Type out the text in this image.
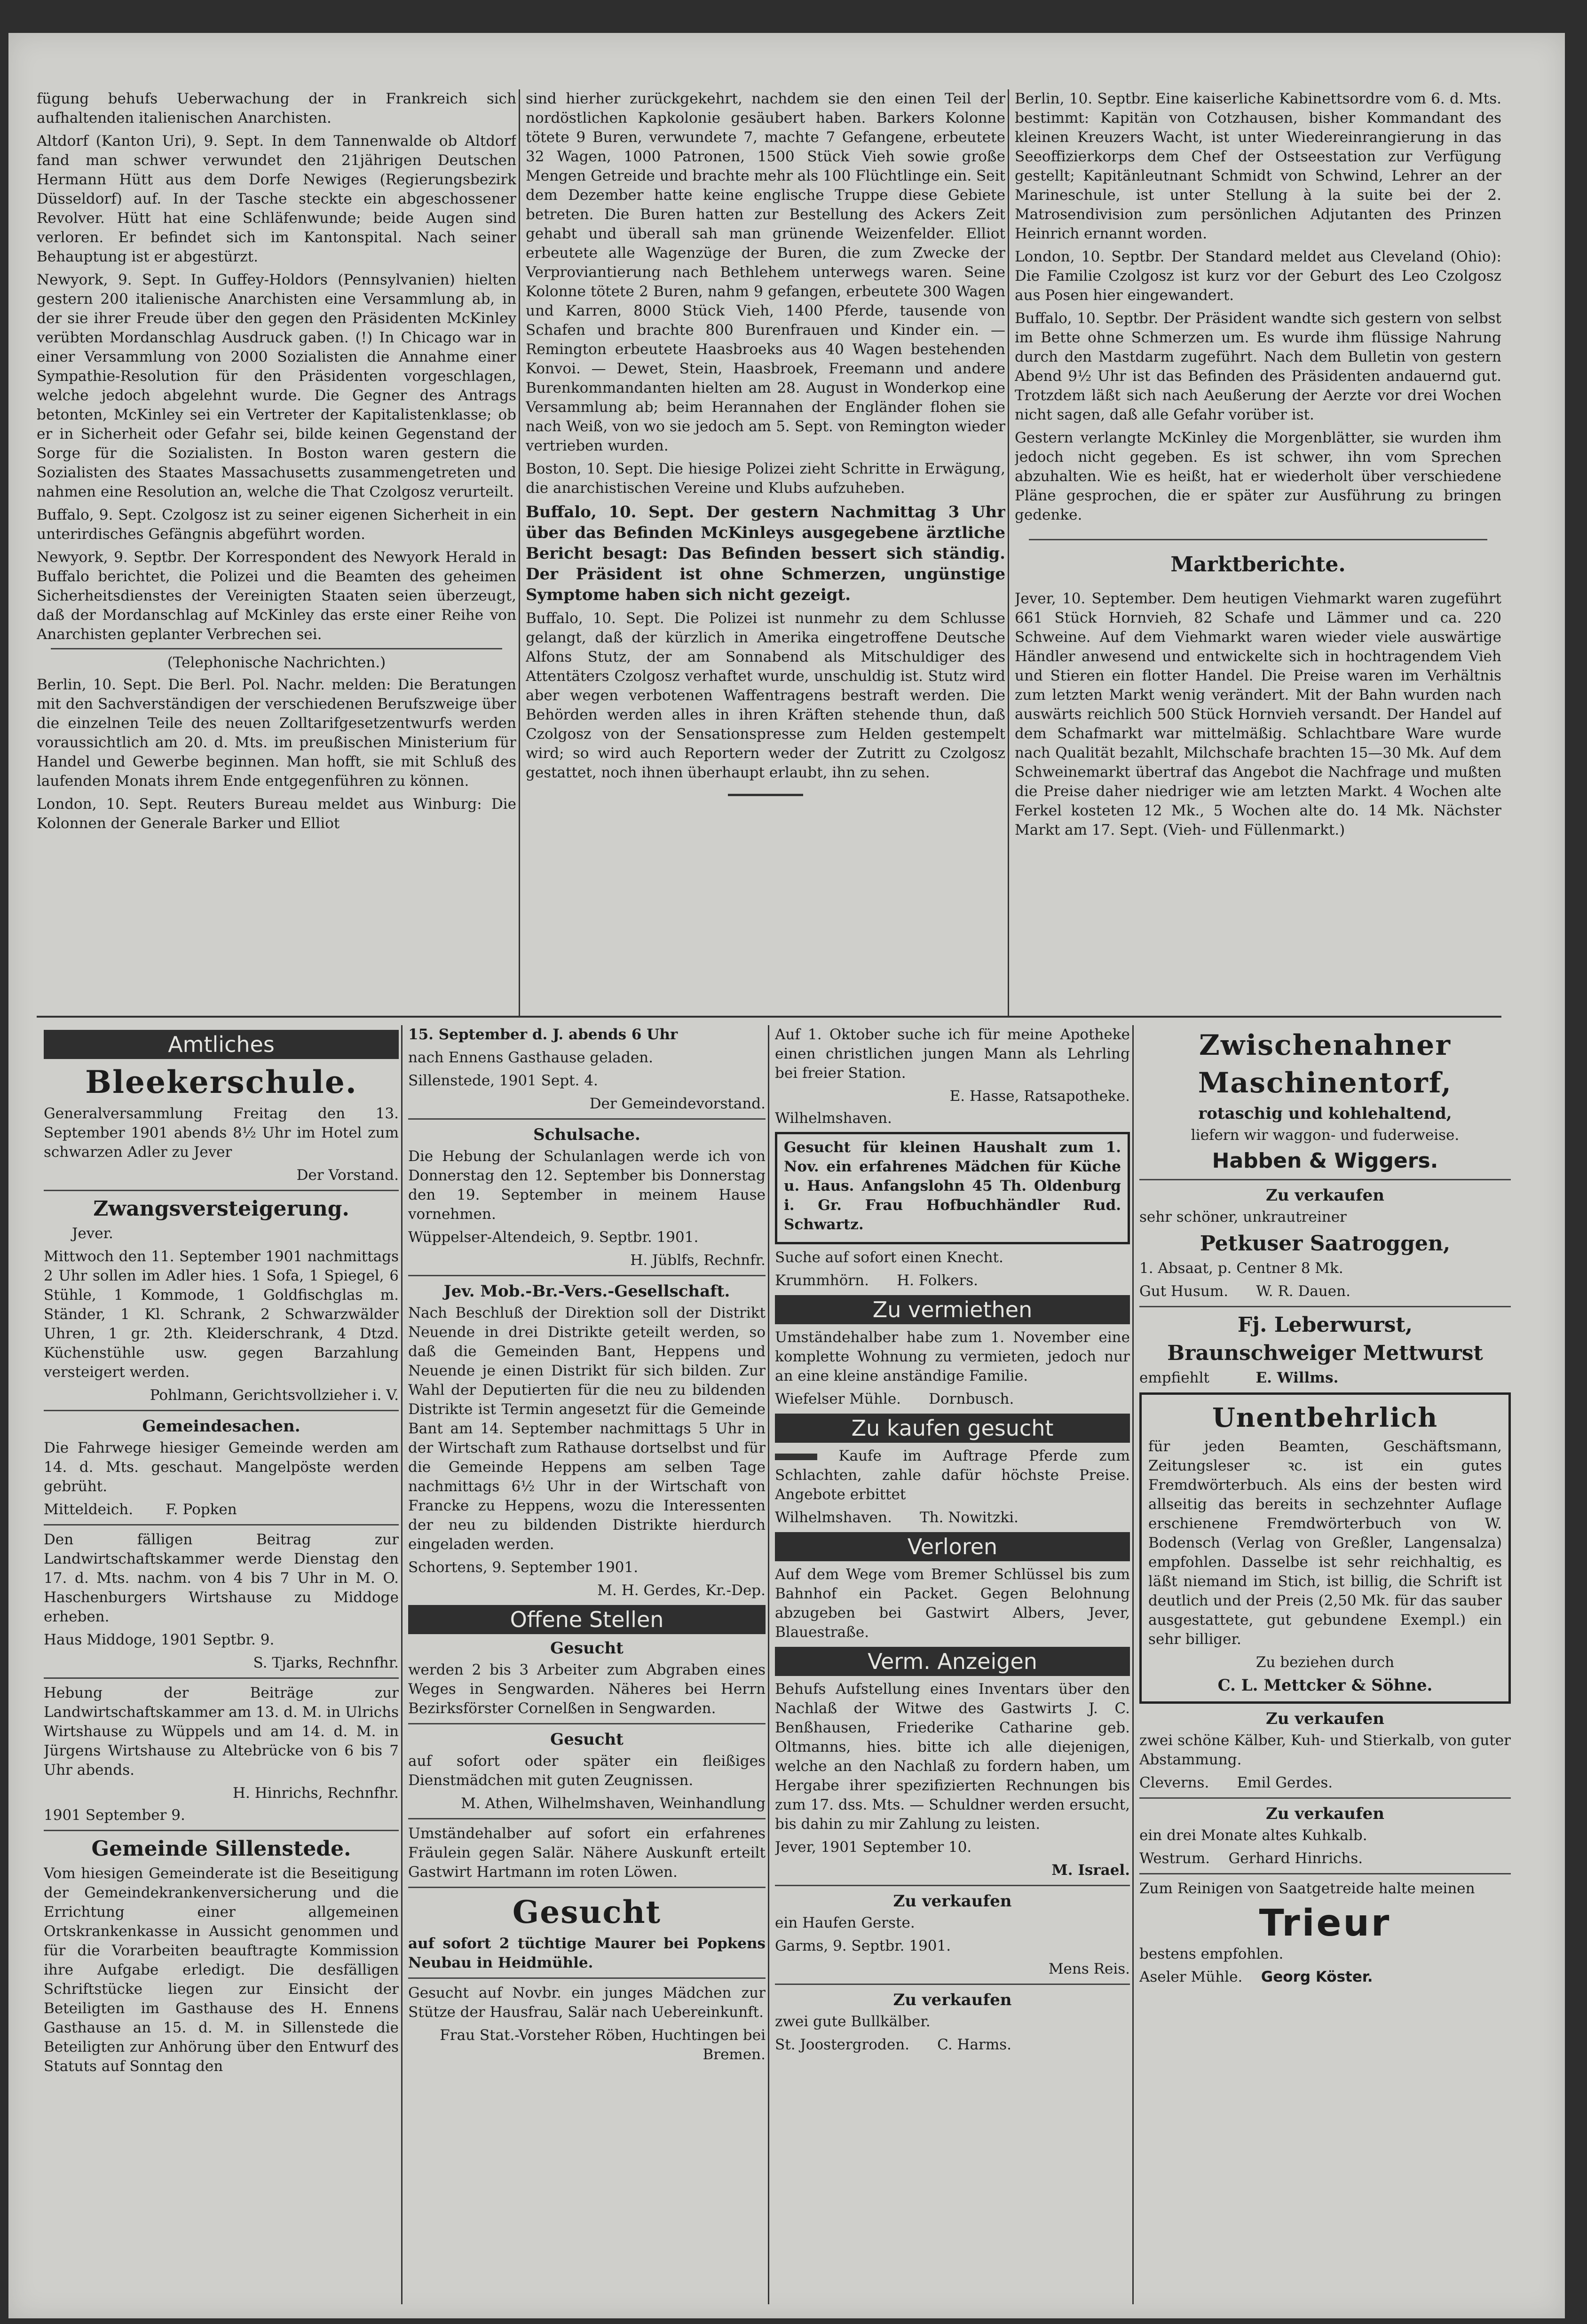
fügung behufs Ueberwachung der in Frankreich sich aufhaltenden italienischen Anarchisten.

Altdorf (Kanton Uri), 9. Sept. In dem Tannenwalde ob Altdorf fand man schwer verwundet den 21jährigen Deutschen Hermann Hütt aus dem Dorfe Newiges (Regierungsbezirk Düsseldorf) auf. In der Tasche steckte ein abgeschossener Revolver. Hütt hat eine Schläfenwunde; beide Augen sind verloren. Er befindet sich im Kantonspital. Nach seiner Behauptung ist er abgestürzt.

Newyork, 9. Sept. In Guffey-Holdors (Pennsylvanien) hielten gestern 200 italienische Anarchisten eine Versammlung ab, in der sie ihrer Freude über den gegen den Präsidenten McKinley verübten Mordanschlag Ausdruck gaben. (!) In Chicago war in einer Versammlung von 2000 Sozialisten die Annahme einer Sympathie-Resolution für den Präsidenten vorgeschlagen, welche jedoch abgelehnt wurde. Die Gegner des Antrags betonten, McKinley sei ein Vertreter der Kapitalistenklasse; ob er in Sicherheit oder Gefahr sei, bilde keinen Gegenstand der Sorge für die Sozialisten. In Boston waren gestern die Sozialisten des Staates Massachusetts zusammengetreten und nahmen eine Resolution an, welche die That Czolgosz verurteilt.

Buffalo, 9. Sept. Czolgosz ist zu seiner eigenen Sicherheit in ein unterirdisches Gefängnis abgeführt worden.

Newyork, 9. Septbr. Der Korrespondent des Newyork Herald in Buffalo berichtet, die Polizei und die Beamten des geheimen Sicherheitsdienstes der Vereinigten Staaten seien überzeugt, daß der Mordanschlag auf McKinley das erste einer Reihe von Anarchisten geplanter Verbrechen sei.

(Telephonische Nachrichten.)

Berlin, 10. Sept. Die Berl. Pol. Nachr. melden: Die Beratungen mit den Sachverständigen der verschiedenen Berufszweige über die einzelnen Teile des neuen Zolltarifgesetzentwurfs werden voraussichtlich am 20. d. Mts. im preußischen Ministerium für Handel und Gewerbe beginnen. Man hofft, sie mit Schluß des laufenden Monats ihrem Ende entgegenführen zu können.

London, 10. Sept. Reuters Bureau meldet aus Winburg: Die Kolonnen der Generale Barker und Elliot

sind hierher zurückgekehrt, nachdem sie den einen Teil der nordöstlichen Kapkolonie gesäubert haben. Barkers Kolonne tötete 9 Buren, verwundete 7, machte 7 Gefangene, erbeutete 32 Wagen, 1000 Patronen, 1500 Stück Vieh sowie große Mengen Getreide und brachte mehr als 100 Flüchtlinge ein. Seit dem Dezember hatte keine englische Truppe diese Gebiete betreten. Die Buren hatten zur Bestellung des Ackers Zeit gehabt und überall sah man grünende Weizenfelder. Elliot erbeutete alle Wagenzüge der Buren, die zum Zwecke der Verproviantierung nach Bethlehem unterwegs waren. Seine Kolonne tötete 2 Buren, nahm 9 gefangen, erbeutete 300 Wagen und Karren, 8000 Stück Vieh, 1400 Pferde, tausende von Schafen und brachte 800 Burenfrauen und Kinder ein. — Remington erbeutete Haasbroeks aus 40 Wagen bestehenden Konvoi. — Dewet, Stein, Haasbroek, Freemann und andere Burenkommandanten hielten am 28. August in Wonderkop eine Versammlung ab; beim Herannahen der Engländer flohen sie nach Weiß, von wo sie jedoch am 5. Sept. von Remington wieder vertrieben wurden.

Boston, 10. Sept. Die hiesige Polizei zieht Schritte in Erwägung, die anarchistischen Vereine und Klubs aufzuheben.

Buffalo, 10. Sept. Der gestern Nachmittag 3 Uhr über das Befinden McKinleys ausgegebene ärztliche Bericht besagt: Das Befinden bessert sich ständig. Der Präsident ist ohne Schmerzen, ungünstige Symptome haben sich nicht gezeigt.

Buffalo, 10. Sept. Die Polizei ist nunmehr zu dem Schlusse gelangt, daß der kürzlich in Amerika eingetroffene Deutsche Alfons Stutz, der am Sonnabend als Mitschuldiger des Attentäters Czolgosz verhaftet wurde, unschuldig ist. Stutz wird aber wegen verbotenen Waffentragens bestraft werden. Die Behörden werden alles in ihren Kräften stehende thun, daß Czolgosz von der Sensationspresse zum Helden gestempelt wird; so wird auch Reportern weder der Zutritt zu Czolgosz gestattet, noch ihnen überhaupt erlaubt, ihn zu sehen.

Berlin, 10. Septbr. Eine kaiserliche Kabinettsordre vom 6. d. Mts. bestimmt: Kapitän von Cotzhausen, bisher Kommandant des kleinen Kreuzers Wacht, ist unter Wiedereinrangierung in das Seeoffizierkorps dem Chef der Ostseestation zur Verfügung gestellt; Kapitänleutnant Schmidt von Schwind, Lehrer an der Marineschule, ist unter Stellung à la suite bei der 2. Matrosendivision zum persönlichen Adjutanten des Prinzen Heinrich ernannt worden.

London, 10. Septbr. Der Standard meldet aus Cleveland (Ohio): Die Familie Czolgosz ist kurz vor der Geburt des Leo Czolgosz aus Posen hier eingewandert.

Buffalo, 10. Septbr. Der Präsident wandte sich gestern von selbst im Bette ohne Schmerzen um. Es wurde ihm flüssige Nahrung durch den Mastdarm zugeführt. Nach dem Bulletin von gestern Abend 9½ Uhr ist das Befinden des Präsidenten andauernd gut. Trotzdem läßt sich nach Aeußerung der Aerzte vor drei Wochen nicht sagen, daß alle Gefahr vorüber ist.

Gestern verlangte McKinley die Morgenblätter, sie wurden ihm jedoch nicht gegeben. Es ist schwer, ihn vom Sprechen abzuhalten. Wie es heißt, hat er wiederholt über verschiedene Pläne gesprochen, die er später zur Ausführung zu bringen gedenke.

Marktberichte.

Jever, 10. September. Dem heutigen Viehmarkt waren zugeführt 661 Stück Hornvieh, 82 Schafe und Lämmer und ca. 220 Schweine. Auf dem Viehmarkt waren wieder viele auswärtige Händler anwesend und entwickelte sich in hochtragendem Vieh und Stieren ein flotter Handel. Die Preise waren im Verhältnis zum letzten Markt wenig verändert. Mit der Bahn wurden nach auswärts reichlich 500 Stück Hornvieh versandt. Der Handel auf dem Schafmarkt war mittelmäßig. Schlachtbare Ware wurde nach Qualität bezahlt, Milchschafe brachten 15—30 Mk. Auf dem Schweinemarkt übertraf das Angebot die Nachfrage und mußten die Preise daher niedriger wie am letzten Markt. 4 Wochen alte Ferkel kosteten 12 Mk., 5 Wochen alte do. 14 Mk. Nächster Markt am 17. Sept. (Vieh- und Füllenmarkt.)

Amtliches
Bleekerschule.

Generalversammlung Freitag den 13. September 1901 abends 8½ Uhr im Hotel zum schwarzen Adler zu Jever

Der Vorstand.

Zwangsversteigerung.

Jever.

Mittwoch den 11. September 1901 nachmittags 2 Uhr sollen im Adler hies. 1 Sofa, 1 Spiegel, 6 Stühle, 1 Kommode, 1 Goldfischglas m. Ständer, 1 Kl. Schrank, 2 Schwarzwälder Uhren, 1 gr. 2th. Kleiderschrank, 4 Dtzd. Küchenstühle usw. gegen Barzahlung versteigert werden.

Pohlmann, Gerichtsvollzieher i. V.

Gemeindesachen.

Die Fahrwege hiesiger Gemeinde werden am 14. d. Mts. geschaut. Mangelpöste werden gebrüht.

Mitteldeich. F. Popken

Den fälligen Beitrag zur Landwirtschaftskammer werde Dienstag den 17. d. Mts. nachm. von 4 bis 7 Uhr in M. O. Haschenburgers Wirtshause zu Middoge erheben.

Haus Middoge, 1901 Septbr. 9.

S. Tjarks, Rechnfhr.

Hebung der Beiträge zur Landwirtschaftskammer am 13. d. M. in Ulrichs Wirtshause zu Wüppels und am 14. d. M. in Jürgens Wirtshause zu Altebrücke von 6 bis 7 Uhr abends.

H. Hinrichs, Rechnfhr.

1901 September 9.

Gemeinde Sillenstede.

Vom hiesigen Gemeinderate ist die Beseitigung der Gemeindekrankenversicherung und die Errichtung einer allgemeinen Ortskrankenkasse in Aussicht genommen und für die Vorarbeiten beauftragte Kommission ihre Aufgabe erledigt. Die desfälligen Schriftstücke liegen zur Einsicht der Beteiligten im Gasthause des H. Ennens Gasthause an 15. d. M. in Sillenstede die Beteiligten zur Anhörung über den Entwurf des Statuts auf Sonntag den

15. September d. J. abends 6 Uhr

nach Ennens Gasthause geladen.

Sillenstede, 1901 Sept. 4.

Der Gemeindevorstand.

Schulsache.

Die Hebung der Schulanlagen werde ich von Donnerstag den 12. September bis Donnerstag den 19. September in meinem Hause vornehmen.

Wüppelser-Altendeich, 9. Septbr. 1901.

H. Jüblfs, Rechnfr.

Jev. Mob.-Br.-Vers.-Gesellschaft.

Nach Beschluß der Direktion soll der Distrikt Neuende in drei Distrikte geteilt werden, so daß die Gemeinden Bant, Heppens und Neuende je einen Distrikt für sich bilden. Zur Wahl der Deputierten für die neu zu bildenden Distrikte ist Termin angesetzt für die Gemeinde Bant am 14. September nachmittags 5 Uhr in der Wirtschaft zum Rathause dortselbst und für die Gemeinde Heppens am selben Tage nachmittags 6½ Uhr in der Wirtschaft von Francke zu Heppens, wozu die Interessenten der neu zu bildenden Distrikte hierdurch eingeladen werden.

Schortens, 9. September 1901.

M. H. Gerdes, Kr.-Dep.

Offene Stellen
Gesucht

werden 2 bis 3 Arbeiter zum Abgraben eines Weges in Sengwarden. Näheres bei Herrn Bezirksförster Cornelßen in Sengwarden.

Gesucht

auf sofort oder später ein fleißiges Dienstmädchen mit guten Zeugnissen.

M. Athen, Wilhelmshaven, Weinhandlung

Umständehalber auf sofort ein erfahrenes Fräulein gegen Salär. Nähere Auskunft erteilt Gastwirt Hartmann im roten Löwen.

Gesucht

auf sofort 2 tüchtige Maurer bei Popkens Neubau in Heidmühle.

Gesucht auf Novbr. ein junges Mädchen zur Stütze der Hausfrau, Salär nach Uebereinkunft.

Frau Stat.-Vorsteher Röben, Huchtingen bei Bremen.

Auf 1. Oktober suche ich für meine Apotheke einen christlichen jungen Mann als Lehrling bei freier Station.

E. Hasse, Ratsapotheke.

Wilhelmshaven.

Gesucht für kleinen Haushalt zum 1. Nov. ein erfahrenes Mädchen für Küche u. Haus. Anfangslohn 45 Th. Oldenburg i. Gr. Frau Hofbuchhändler Rud. Schwartz.

Suche auf sofort einen Knecht.

Krummhörn. H. Folkers.

Zu vermiethen

Umständehalber habe zum 1. November eine komplette Wohnung zu vermieten, jedoch nur an eine kleine anständige Familie.

Wiefelser Mühle. Dornbusch.

Zu kaufen gesucht

Kaufe im Auftrage Pferde zum Schlachten, zahle dafür höchste Preise. Angebote erbittet

Wilhelmshaven. Th. Nowitzki.

Verloren

Auf dem Wege vom Bremer Schlüssel bis zum Bahnhof ein Packet. Gegen Belohnung abzugeben bei Gastwirt Albers, Jever, Blauestraße.

Verm. Anzeigen

Behufs Aufstellung eines Inventars über den Nachlaß der Witwe des Gastwirts J. C. Benßhausen, Friederike Catharine geb. Oltmanns, hies. bitte ich alle diejenigen, welche an den Nachlaß zu fordern haben, um Hergabe ihrer spezifizierten Rechnungen bis zum 17. dss. Mts. — Schuldner werden ersucht, bis dahin zu mir Zahlung zu leisten.

Jever, 1901 September 10.

M. Israel.

Zu verkaufen

ein Haufen Gerste.

Garms, 9. Septbr. 1901.

Mens Reis.

Zu verkaufen

zwei gute Bullkälber.

St. Joostergroden. C. Harms.

Zwischenahner
Maschinentorf,
rotaschig und kohlehaltend,

liefern wir waggon- und fuderweise.

Habben & Wiggers.
Zu verkaufen

sehr schöner, unkrautreiner

Petkuser Saatroggen,

1. Absaat, p. Centner 8 Mk.

Gut Husum. W. R. Dauen.

Fj. Leberwurst,
Braunschweiger Mettwurst

empfiehlt	E. Willms.

Unentbehrlich

für jeden Beamten, Geschäftsmann, Zeitungsleser ꝛc. ist ein gutes Fremdwörterbuch. Als eins der besten wird allseitig das bereits in sechzehnter Auflage erschienene Fremdwörterbuch von W. Bodensch (Verlag von Greßler, Langensalza) empfohlen. Dasselbe ist sehr reichhaltig, es läßt niemand im Stich, ist billig, die Schrift ist deutlich und der Preis (2,50 Mk. für das sauber ausgestattete, gut gebundene Exempl.) ein sehr billiger.

Zu beziehen durch

C. L. Mettcker & Söhne.
Zu verkaufen

zwei schöne Kälber, Kuh- und Stierkalb, von guter Abstammung.

Cleverns. Emil Gerdes.

Zu verkaufen

ein drei Monate altes Kuhkalb.

Westrum. Gerhard Hinrichs.

Zum Reinigen von Saatgetreide halte meinen

Trieur

bestens empfohlen.

Aseler Mühle. Georg Köster.
